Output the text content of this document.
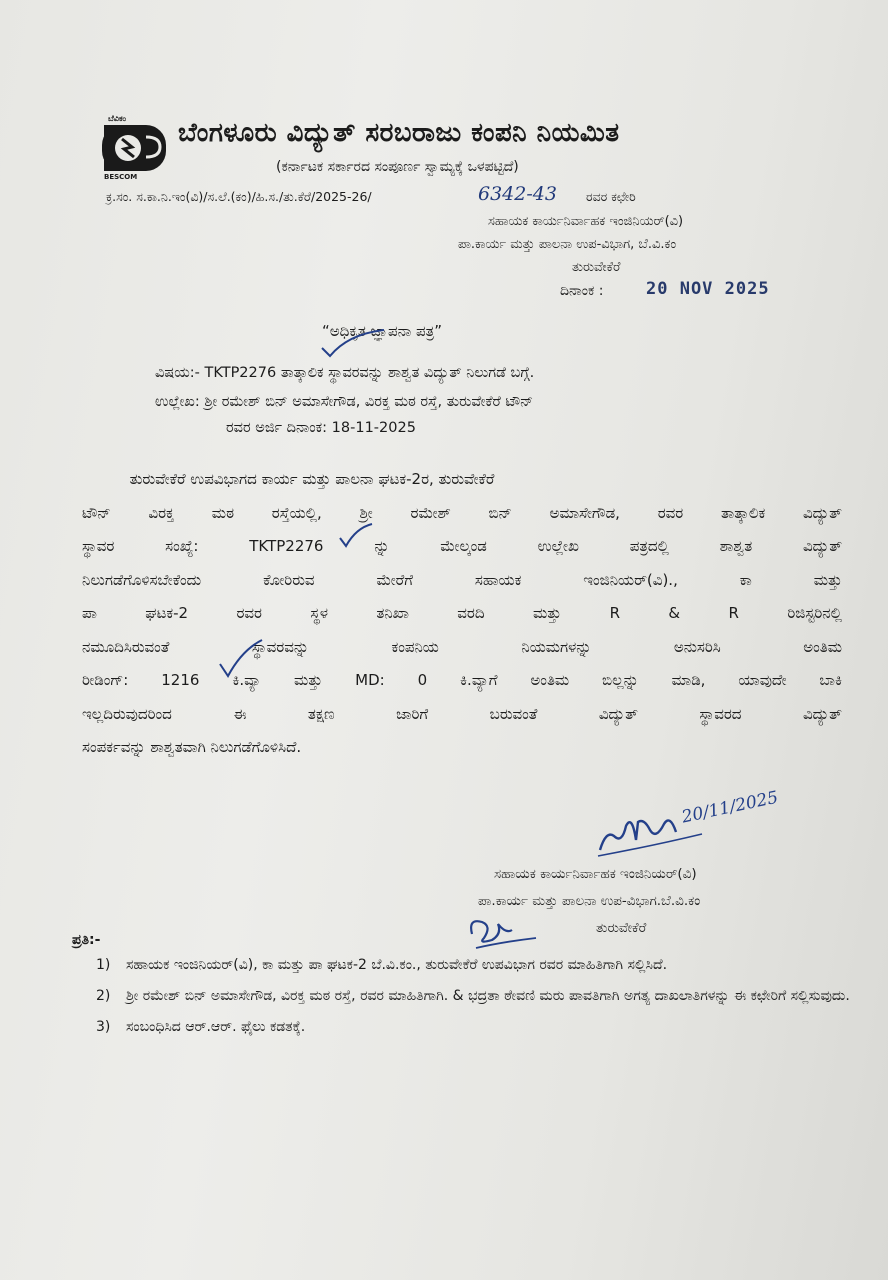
ಬೆವಿಕಂ
BESCOM
ಬೆಂಗಳೂರು ವಿದ್ಯುತ್ ಸರಬರಾಜು ಕಂಪನಿ ನಿಯಮಿತ
(ಕರ್ನಾಟಕ ಸರ್ಕಾರದ ಸಂಪೂರ್ಣ ಸ್ವಾಮ್ಯಕ್ಕೆ ಒಳಪಟ್ಟಿದೆ)
ಕ್ರ.ಸಂ. ಸ.ಕಾ.ನಿ.ಇಂ(ವಿ)/ಸ.ಲೆ.(ಕಂ)/ಹಿ.ಸ./ತು.ಕೆರೆ/2025-26/	6342-43 ರವರ ಕಛೇರಿ
ಸಹಾಯಕ ಕಾರ್ಯನಿರ್ವಾಹಕ ಇಂಜಿನಿಯರ್(ವಿ)
ಪಾ.ಕಾರ್ಯ ಮತ್ತು ಪಾಲನಾ ಉಪ-ವಿಭಾಗ, ಬೆ.ವಿ.ಕಂ
ತುರುವೇಕೆರೆ
ದಿನಾಂಕ :	20 NOV 2025
“ಅಧಿಕೃತ ಜ್ಞಾಪನಾ ಪತ್ರ”
ವಿಷಯ:- TKTP2276 ತಾತ್ಕಾಲಿಕ ಸ್ಥಾವರವನ್ನು ಶಾಶ್ವತ ವಿದ್ಯುತ್ ನಿಲುಗಡೆ ಬಗ್ಗೆ.
ಉಲ್ಲೇಖ: ಶ್ರೀ ರಮೇಶ್ ಬಿನ್ ಅಮಾಸೇಗೌಡ, ವಿರಕ್ತ ಮಠ ರಸ್ತೆ, ತುರುವೇಕೆರೆ ಟೌನ್
ರವರ ಅರ್ಜಿ ದಿನಾಂಕ: 18-11-2025
ತುರುವೇಕೆರೆ ಉಪವಿಭಾಗದ ಕಾರ್ಯ ಮತ್ತು ಪಾಲನಾ ಘಟಕ-2ರ, ತುರುವೇಕೆರೆ
ಟೌನ್ ವಿರಕ್ತ ಮಠ ರಸ್ತೆಯಲ್ಲಿ, ಶ್ರೀ ರಮೇಶ್ ಬಿನ್ ಅಮಾಸೇಗೌಡ, ರವರ ತಾತ್ಕಾಲಿಕ ವಿದ್ಯುತ್
ಸ್ಥಾವರ ಸಂಖ್ಯೆ: TKTP2276 ನ್ನು ಮೇಲ್ಕಂಡ ಉಲ್ಲೇಖ ಪತ್ರದಲ್ಲಿ ಶಾಶ್ವತ ವಿದ್ಯುತ್
ನಿಲುಗಡೆಗೊಳಿಸಬೇಕೆಂದು ಕೋರಿರುವ ಮೇರೆಗೆ ಸಹಾಯಕ ಇಂಜಿನಿಯರ್(ವಿ)., ಕಾ ಮತ್ತು
ಪಾ ಘಟಕ-2 ರವರ ಸ್ಥಳ ತನಿಖಾ ವರದಿ ಮತ್ತು R & R ರಿಜಿಸ್ಟರಿನಲ್ಲಿ
ನಮೂದಿಸಿರುವಂತೆ ಸ್ಥಾವರವನ್ನು ಕಂಪನಿಯ ನಿಯಮಗಳನ್ನು ಅನುಸರಿಸಿ ಅಂತಿಮ
ರೀಡಿಂಗ್: 1216 ಕಿ.ವ್ಯಾ ಮತ್ತು MD: 0 ಕಿ.ವ್ಯಾಗೆ ಅಂತಿಮ ಬಿಲ್ಲನ್ನು ಮಾಡಿ, ಯಾವುದೇ ಬಾಕಿ
ಇಲ್ಲದಿರುವುದರಿಂದ ಈ ತಕ್ಷಣ ಜಾರಿಗೆ ಬರುವಂತೆ ವಿದ್ಯುತ್ ಸ್ಥಾವರದ ವಿದ್ಯುತ್
ಸಂಪರ್ಕವನ್ನು ಶಾಶ್ವತವಾಗಿ ನಿಲುಗಡೆಗೊಳಿಸಿದೆ.
20/11/2025
ಸಹಾಯಕ ಕಾರ್ಯನಿರ್ವಾಹಕ ಇಂಜಿನಿಯರ್(ವಿ)
ಪಾ.ಕಾರ್ಯ ಮತ್ತು ಪಾಲನಾ ಉಪ-ವಿಭಾಗ.ಬೆ.ವಿ.ಕಂ
ತುರುವೇಕೆರೆ
ಪ್ರತಿ:-
1) ಸಹಾಯಕ ಇಂಜಿನಿಯರ್(ವಿ), ಕಾ ಮತ್ತು ಪಾ ಘಟಕ-2 ಬೆ.ವಿ.ಕಂ., ತುರುವೇಕೆರೆ ಉಪವಿಭಾಗ ರವರ ಮಾಹಿತಿಗಾಗಿ ಸಲ್ಲಿಸಿದೆ.
2) ಶ್ರೀ ರಮೇಶ್ ಬಿನ್ ಅಮಾಸೇಗೌಡ, ವಿರಕ್ತ ಮಠ ರಸ್ತೆ, ರವರ ಮಾಹಿತಿಗಾಗಿ. & ಭದ್ರತಾ ಠೇವಣಿ ಮರು ಪಾವತಿಗಾಗಿ ಅಗತ್ಯ ದಾಖಲಾತಿಗಳನ್ನು ಈ ಕಛೇರಿಗೆ ಸಲ್ಲಿಸುವುದು.
3) ಸಂಬಂಧಿಸಿದ ಆರ್.ಆರ್. ಫೈಲು ಕಡತಕ್ಕೆ.
